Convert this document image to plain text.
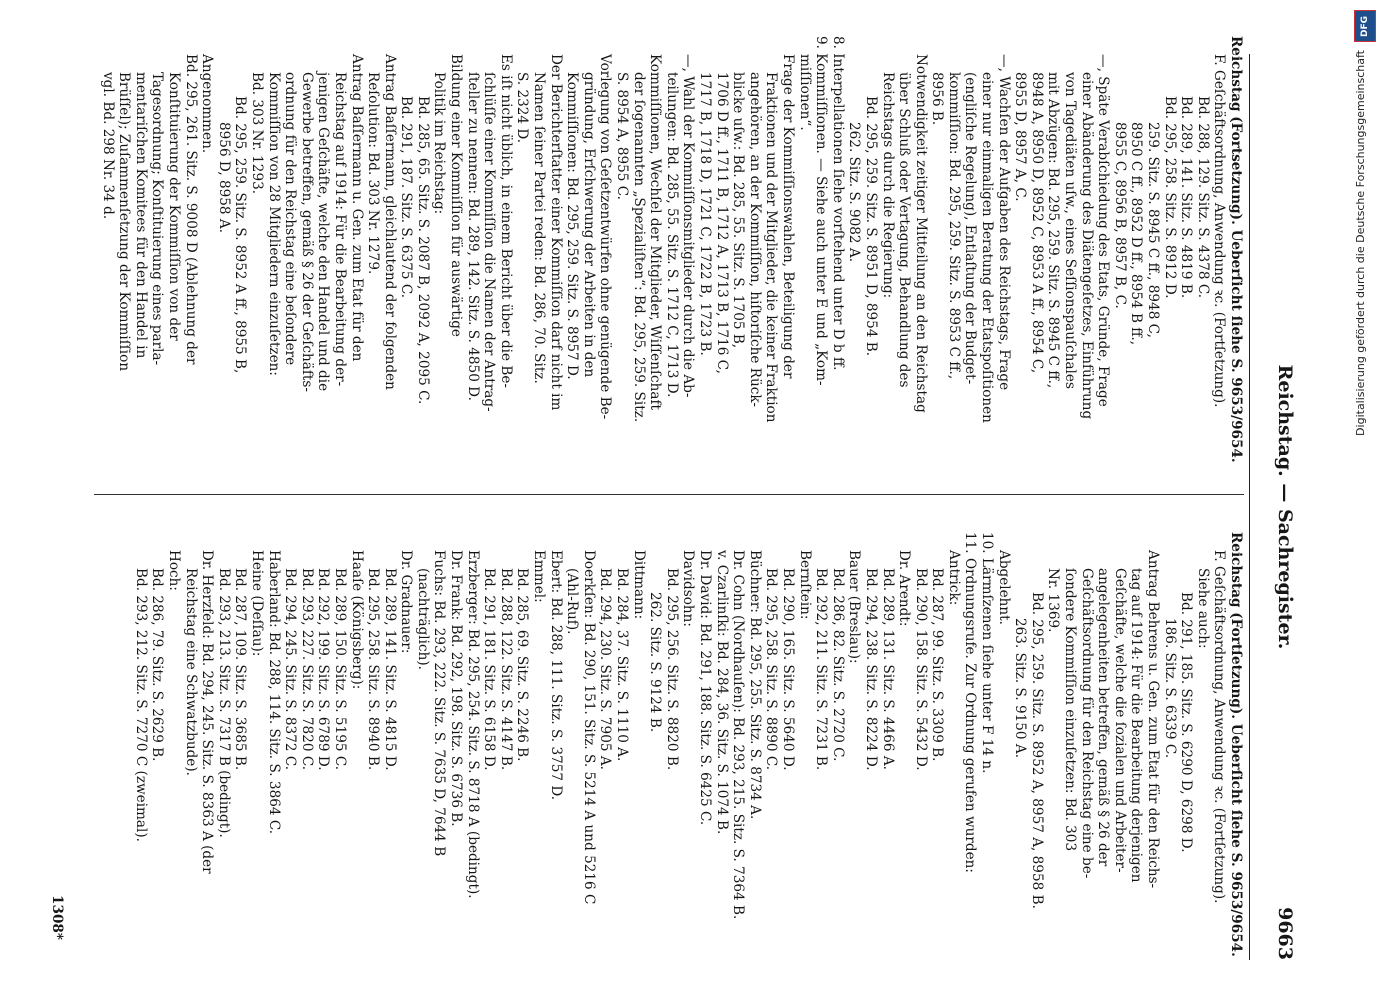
Reichstag. — Sachregister.
9663

Reichstag (Fortsetzung). Ueberſicht ſiehe S. 9653/9654.

F. Geſchäftsordnung, Anwendung ꝛc. (Fortſetzung).

Bd. 288, 129. Sitz. S. 4378 C.

Bd. 289, 141. Sitz. S. 4819 B.

Bd. 295, 258. Sitz. S. 8912 D.

259. Sitz. S. 8945 C ff., 8948 C,

8950 C ff., 8952 D ff., 8954 B ff.,

8955 C, 8956 B, 8957 B, C.

—, Späte Verabſchiedung des Etats, Gründe, Frage

einer Abänderung des Diätengeſetzes, Einführung

von Tagediäten uſw., eines Seſſionspauſchales

mit Abzügen: Bd. 295, 259. Sitz. S. 8945 C ff.,

8948 A, 8950 D, 8952 C, 8953 A ff., 8954 C,

8955 D, 8957 A, C.

—, Wachſen der Aufgaben des Reichstags, Frage

einer nur einmaligen Beratung der Etatspoſitionen

(engliſche Regelung), Entlaſtung der Budget-

kommiſſion: Bd. 295, 259. Sitz. S. 8953 C ff.,

8956 B.

Notwendigkeit zeitiger Mitteilung an den Reichstag

über Schluß oder Vertagung, Behandlung des

Reichstags durch die Regierung:

Bd. 295, 259. Sitz. S. 8951 D, 8954 B.

262. Sitz. S. 9082 A.

8. Interpellationen ſiehe vorſtehend unter D b ff.

9. Kommiſſionen. — Siehe auch unter E und „Kom-

miſſionen“.

Frage der Kommiſſionswahlen, Beteiligung der

Fraktionen und der Mitglieder, die keiner Fraktion

angehören, an der Kommiſſion, hiſtoriſche Rück-

blicke uſw.: Bd. 285, 55. Sitz. S. 1705 B,

1706 D ff., 1711 B, 1712 A, 1713 B, 1716 C,

1717 B, 1718 D, 1721 C, 1722 B, 1723 B.

—, Wahl der Kommiſſionsmitglieder durch die Ab-

teilungen: Bd. 285, 55. Sitz. S. 1712 C, 1713 D.

Kommiſſionen, Wechſel der Mitglieder, Wiſſenſchaft

der ſogenannten „Spezialiſten“: Bd. 295, 259. Sitz.

S. 8954 A, 8955 C.

Vorlegung von Geſetzentwürfen ohne genügende Be-

gründung, Erſchwerung der Arbeiten in den

Kommiſſionen: Bd. 295, 259. Sitz. S. 8957 D.

Der Berichterſtatter einer Kommiſſion darf nicht im

Namen ſeiner Partei reden: Bd. 286, 70. Sitz.

S. 2324 D.

Es iſt nicht üblich, in einem Bericht über die Be-

ſchlüſſe einer Kommiſſion die Namen der Antrag-

ſteller zu nennen: Bd. 289, 142. Sitz. S. 4850 D.

Bildung einer Kommiſſion für auswärtige

Politik im Reichstag:

Bd. 285, 65. Sitz. S. 2087 B, 2092 A, 2095 C.

Bd. 291, 187. Sitz. S. 6375 C.

Antrag Baſſermann, gleichlautend der folgenden

Reſolution: Bd. 303 Nr. 1279.

Antrag Baſſermann u. Gen. zum Etat für den

Reichstag auf 1914: Für die Bearbeitung der-

jenigen Geſchäfte, welche den Handel und die

Gewerbe betreffen, gemäß § 26 der Geſchäfts-

ordnung für den Reichstag eine beſondere

Kommiſſion von 28 Mitgliedern einzuſetzen:

Bd. 303 Nr. 1293.

Bd. 295, 259. Sitz. S. 8952 A ff., 8955 B,

8956 D, 8958 A.

Angenommen.

Bd. 295, 261. Sitz. S. 9008 D (Ablehnung der

Konſtituierung der Kommiſſion von der

Tagesordnung; Konſtituierung eines parla-

mentariſchen Komitees für den Handel in

Brüſſel); Zuſammenſetzung der Kommiſſion

vgl. Bd. 298 Nr. 34 d.

Reichstag (Fortſetzung). Ueberſicht ſiehe S. 9653/9654.

F. Geſchäftsordnung, Anwendung ꝛc. (Fortſetzung).

Siehe auch:

Bd. 291, 185. Sitz. S. 6290 D, 6298 D.

186. Sitz. S. 6339 C.

Antrag Behrens u. Gen. zum Etat für den Reichs-

tag auf 1914: Für die Bearbeitung derjenigen

Geſchäfte, welche die ſozialen und Arbeiter-

angelegenheiten betreffen, gemäß § 26 der

Geſchäftsordnung für den Reichstag eine be-

ſondere Kommiſſion einzuſetzen: Bd. 303

Nr. 1369.

Bd. 295, 259. Sitz. S. 8952 A, 8957 A, 8958 B.

263. Sitz. S. 9150 A.

Abgelehnt.

10. Lärmſzenen ſiehe unter F 14 n.

11. Ordnungsrufe. Zur Ordnung gerufen wurden:

Antrick:

Bd. 287, 99. Sitz. S. 3309 B.

Bd. 290, 158. Sitz. S. 5432 D.

Dr. Arendt:

Bd. 289, 131. Sitz. S. 4466 A.

Bd. 294, 238. Sitz. S. 8224 D.

Bauer (Breslau):

Bd. 286, 82. Sitz. S. 2720 C.

Bd. 292, 211. Sitz. S. 7231 B.

Bernſtein:

Bd. 290, 165. Sitz. S. 5640 D.

Bd. 295, 258. Sitz. S. 8890 C.

Büchner: Bd. 295, 255. Sitz. S. 8734 A.

Dr. Cohn (Nordhauſen): Bd. 293, 215. Sitz. S. 7364 B.

v. Czarlinſki: Bd. 284, 36. Sitz. S. 1074 B.

Dr. David: Bd. 291, 188. Sitz. S. 6425 C.

Davidsohn:

Bd. 295, 256. Sitz. S. 8820 B.

262. Sitz. S. 9124 B.

Dittmann:

Bd. 284, 37. Sitz. S. 1110 A.

Bd. 294, 230. Sitz. S. 7905 A.

Doerkſen: Bd. 290, 151. Sitz. S. 5214 A und 5216 C

(Ahl-Ruf).

Ebert: Bd. 288, 111. Sitz. S. 3757 D.

Emmel:

Bd. 285, 69. Sitz. S. 2246 B.

Bd. 288, 122. Sitz. S. 4147 B.

Bd. 291, 181. Sitz. S. 6158 D.

Erzberger: Bd. 295, 254. Sitz. S. 8718 A (bedingt).

Dr. Frank: Bd. 292, 198. Sitz. S. 6736 B.

Fuchs: Bd. 293, 222. Sitz. S. 7635 D, 7644 B

(nachträglich).

Dr. Gradnauer:

Bd. 289, 141. Sitz. S. 4815 D.

Bd. 295, 258. Sitz. S. 8940 B.

Haaſe (Königsberg):

Bd. 289, 150. Sitz. S. 5195 C.

Bd. 292, 199. Sitz. S. 6789 D.

Bd. 293, 227. Sitz. S. 7820 C.

Bd. 294, 245. Sitz. S. 8372 C.

Haberland: Bd. 288, 114. Sitz. S. 3864 C.

Heine (Deſſau):

Bd. 287, 109. Sitz. S. 3685 B.

Bd. 293, 213. Sitz. S. 7317 B (bedingt).

Dr. Herzfeld: Bd. 294, 245. Sitz. S. 8363 A (der

Reichstag eine Schwatzbude).

Hoch:

Bd. 286, 79. Sitz. S. 2629 B.

Bd. 293, 212. Sitz. S. 7270 C (zweimal).

1308*
DFG
Digitalisierung gefördert durch die Deutsche Forschungsgemeinschaft
